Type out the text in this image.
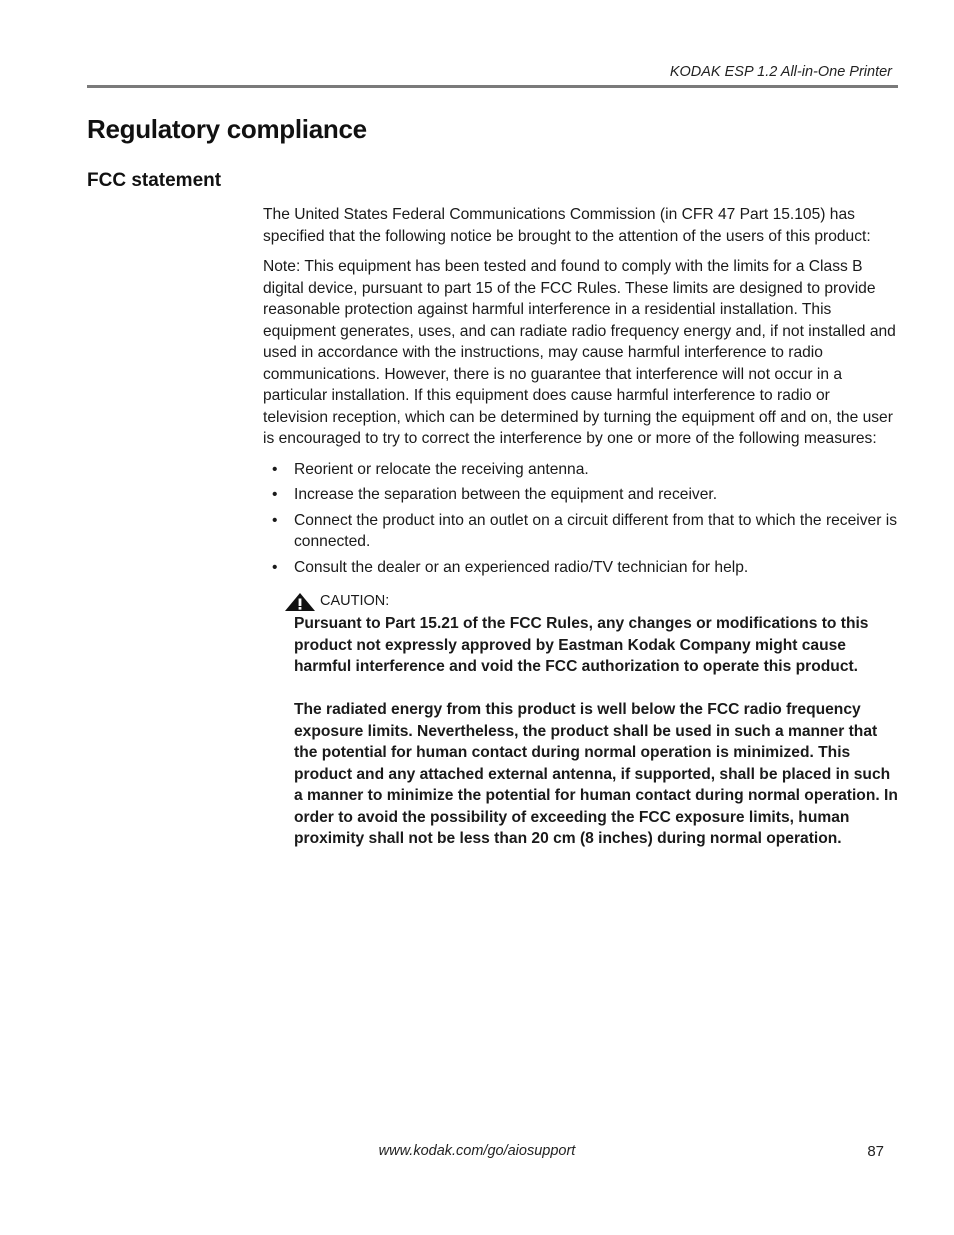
KODAK ESP 1.2 All-in-One Printer
Regulatory compliance
FCC statement

The United States Federal Communications Commission (in CFR 47 Part 15.105) has specified that the following notice be brought to the attention of the users of this product:

Note: This equipment has been tested and found to comply with the limits for a Class B digital device, pursuant to part 15 of the FCC Rules. These limits are designed to provide reasonable protection against harmful interference in a residential installation. This equipment generates, uses, and can radiate radio frequency energy and, if not installed and used in accordance with the instructions, may cause harmful interference to radio communications. However, there is no guarantee that interference will not occur in a particular installation. If this equipment does cause harmful interference to radio or television reception, which can be determined by turning the equipment off and on, the user is encouraged to try to correct the interference by one or more of the following measures:

• Reorient or relocate the receiving antenna.
• Increase the separation between the equipment and receiver.
• Connect the product into an outlet on a circuit different from that to which the receiver is connected.
• Consult the dealer or an experienced radio/TV technician for help.
CAUTION:

Pursuant to Part 15.21 of the FCC Rules, any changes or modifications to this product not expressly approved by Eastman Kodak Company might cause harmful interference and void the FCC authorization to operate this product.

The radiated energy from this product is well below the FCC radio frequency exposure limits. Nevertheless, the product shall be used in such a manner that the potential for human contact during normal operation is minimized. This product and any attached external antenna, if supported, shall be placed in such a manner to minimize the potential for human contact during normal operation. In order to avoid the possibility of exceeding the FCC exposure limits, human proximity shall not be less than 20 cm (8 inches) during normal operation.

www.kodak.com/go/aiosupport	87
